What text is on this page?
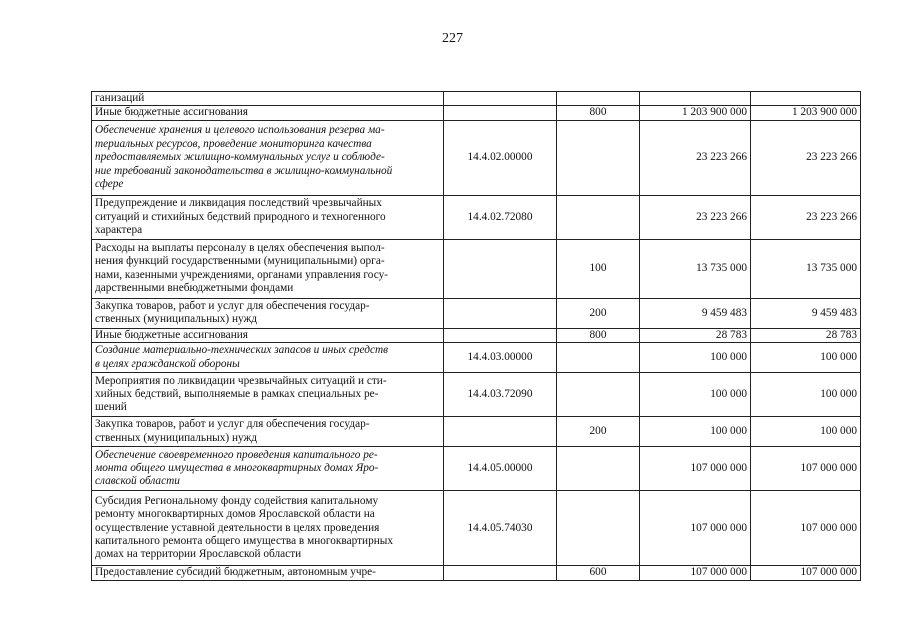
227
ганизаций				
Иные бюджетные ассигнования		800	1 203 900 000	1 203 900 000
Обеспечение хранения и целевого использования резерва ма-
териальных ресурсов, проведение мониторинга качества
предоставляемых жилищно-коммунальных услуг и соблюде-
ние требований законодательства в жилищно-коммунальной
сфере	14.4.02.00000		23 223 266	23 223 266
Предупреждение и ликвидация последствий чрезвычайных
ситуаций и стихийных бедствий природного и техногенного
характера	14.4.02.72080		23 223 266	23 223 266
Расходы на выплаты персоналу в целях обеспечения выпол-
нения функций государственными (муниципальными) орга-
нами, казенными учреждениями, органами управления госу-
дарственными внебюджетными фондами		100	13 735 000	13 735 000
Закупка товаров, работ и услуг для обеспечения государ-
ственных (муниципальных) нужд		200	9 459 483	9 459 483
Иные бюджетные ассигнования		800	28 783	28 783
Создание материально-технических запасов и иных средств
в целях гражданской обороны	14.4.03.00000		100 000	100 000
Мероприятия по ликвидации чрезвычайных ситуаций и сти-
хийных бедствий, выполняемые в рамках специальных ре-
шений	14.4.03.72090		100 000	100 000
Закупка товаров, работ и услуг для обеспечения государ-
ственных (муниципальных) нужд		200	100 000	100 000
Обеспечение своевременного проведения капитального ре-
монта общего имущества в многоквартирных домах Яро-
славской области	14.4.05.00000		107 000 000	107 000 000
Субсидия Региональному фонду содействия капитальному
ремонту многоквартирных домов Ярославской области на
осуществление уставной деятельности в целях проведения
капитального ремонта общего имущества в многоквартирных
домах на территории Ярославской области	14.4.05.74030		107 000 000	107 000 000
Предоставление субсидий бюджетным, автономным учре-		600	107 000 000	107 000 000
